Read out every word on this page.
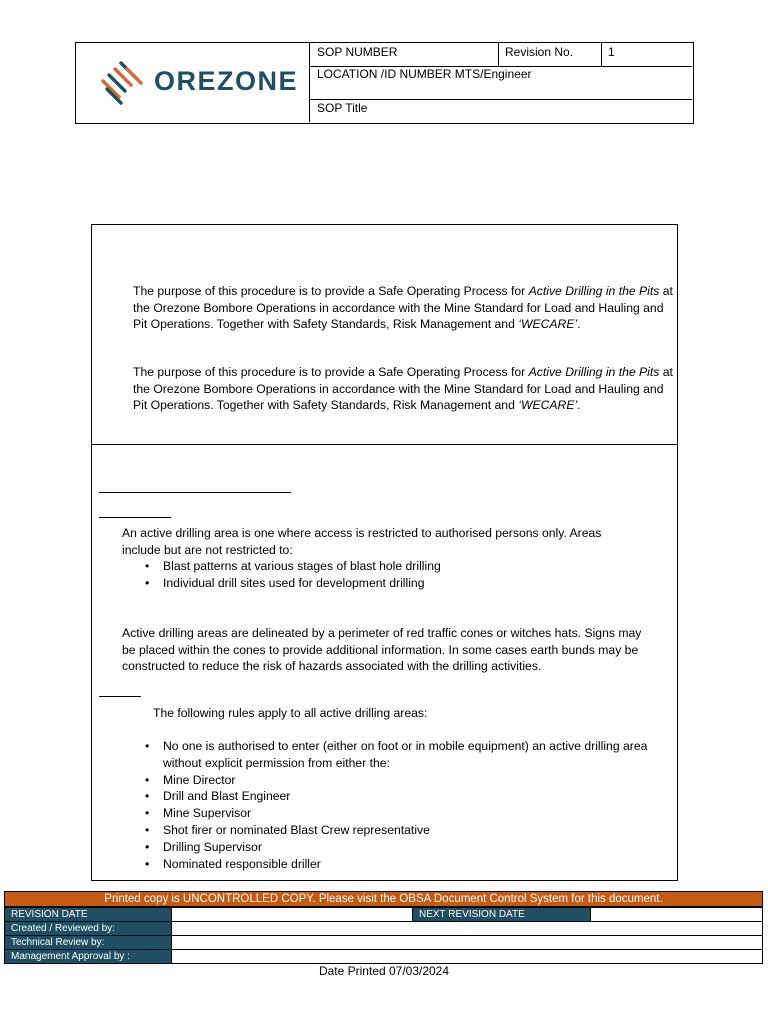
OREZONE
SOP NUMBER	Revision No.	1
LOCATION /ID NUMBER MTS/Engineer
SOP Title
The purpose of this procedure is to provide a Safe Operating Process for Active Drilling in the Pits at the Orezone Bombore Operations in accordance with the Mine Standard for Load and Hauling and Pit Operations. Together with Safety Standards, Risk Management and ‘WECARE’.
The purpose of this procedure is to provide a Safe Operating Process for Active Drilling in the Pits at the Orezone Bombore Operations in accordance with the Mine Standard for Load and Hauling and Pit Operations. Together with Safety Standards, Risk Management and ‘WECARE’.
An active drilling area is one where access is restricted to authorised persons only. Areas include but are not restricted to:
• Blast patterns at various stages of blast hole drilling
• Individual drill sites used for development drilling
Active drilling areas are delineated by a perimeter of red traffic cones or witches hats. Signs may be placed within the cones to provide additional information. In some cases earth bunds may be constructed to reduce the risk of hazards associated with the drilling activities.
The following rules apply to all active drilling areas:
• No one is authorised to enter (either on foot or in mobile equipment) an active drilling area without explicit permission from either the:
• Mine Director
• Drill and Blast Engineer
• Mine Supervisor
• Shot firer or nominated Blast Crew representative
• Drilling Supervisor
• Nominated responsible driller
Printed copy is UNCONTROLLED COPY. Please visit the OBSA Document Control System for this document.
REVISION DATE	NEXT REVISION DATE
Created / Reviewed by:
Technical Review by:
Management Approval by :
Date Printed 07/03/2024
